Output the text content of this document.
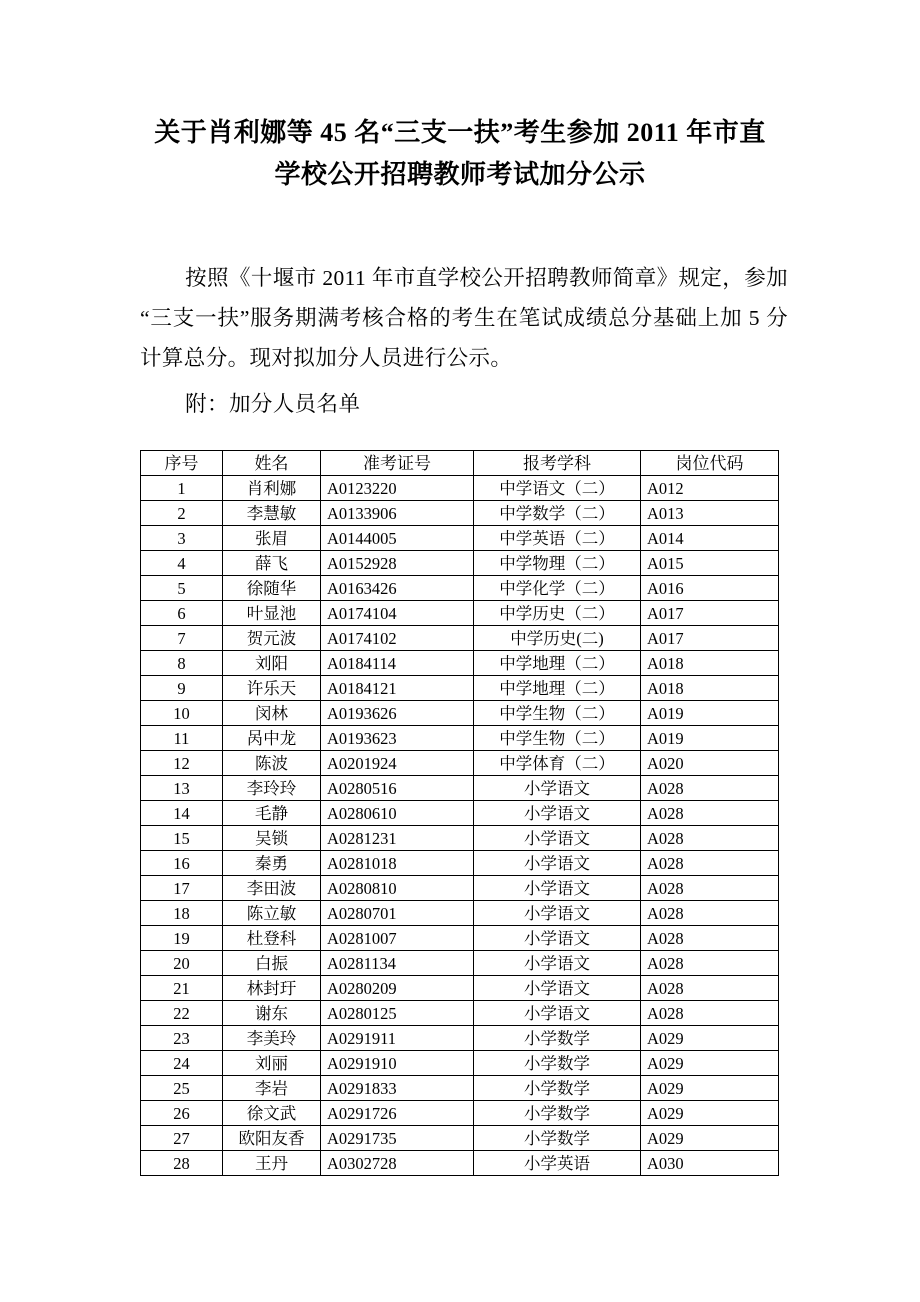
关于肖利娜等 45 名“三支一扶”考生参加 2011 年市直
学校公开招聘教师考试加分公示

按照《十堰市 2011 年市直学校公开招聘教师简章》规定，参加“三支一扶”服务期满考核合格的考生在笔试成绩总分基础上加 5 分计算总分。现对拟加分人员进行公示。

附：加分人员名单

序号	姓名	准考证号	报考学科	岗位代码
1	肖利娜	A0123220	中学语文（二）	A012
2	李慧敏	A0133906	中学数学（二）	A013
3	张眉	A0144005	中学英语（二）	A014
4	薛飞	A0152928	中学物理（二）	A015
5	徐随华	A0163426	中学化学（二）	A016
6	叶显池	A0174104	中学历史（二）	A017
7	贺元波	A0174102	中学历史(二)	A017
8	刘阳	A0184114	中学地理（二）	A018
9	许乐天	A0184121	中学地理（二）	A018
10	闵林	A0193626	中学生物（二）	A019
11	呙中龙	A0193623	中学生物（二）	A019
12	陈波	A0201924	中学体育（二）	A020
13	李玲玲	A0280516	小学语文	A028
14	毛静	A0280610	小学语文	A028
15	吴锁	A0281231	小学语文	A028
16	秦勇	A0281018	小学语文	A028
17	李田波	A0280810	小学语文	A028
18	陈立敏	A0280701	小学语文	A028
19	杜登科	A0281007	小学语文	A028
20	白振	A0281134	小学语文	A028
21	林封玗	A0280209	小学语文	A028
22	谢东	A0280125	小学语文	A028
23	李美玲	A0291911	小学数学	A029
24	刘丽	A0291910	小学数学	A029
25	李岩	A0291833	小学数学	A029
26	徐文武	A0291726	小学数学	A029
27	欧阳友香	A0291735	小学数学	A029
28	王丹	A0302728	小学英语	A030
